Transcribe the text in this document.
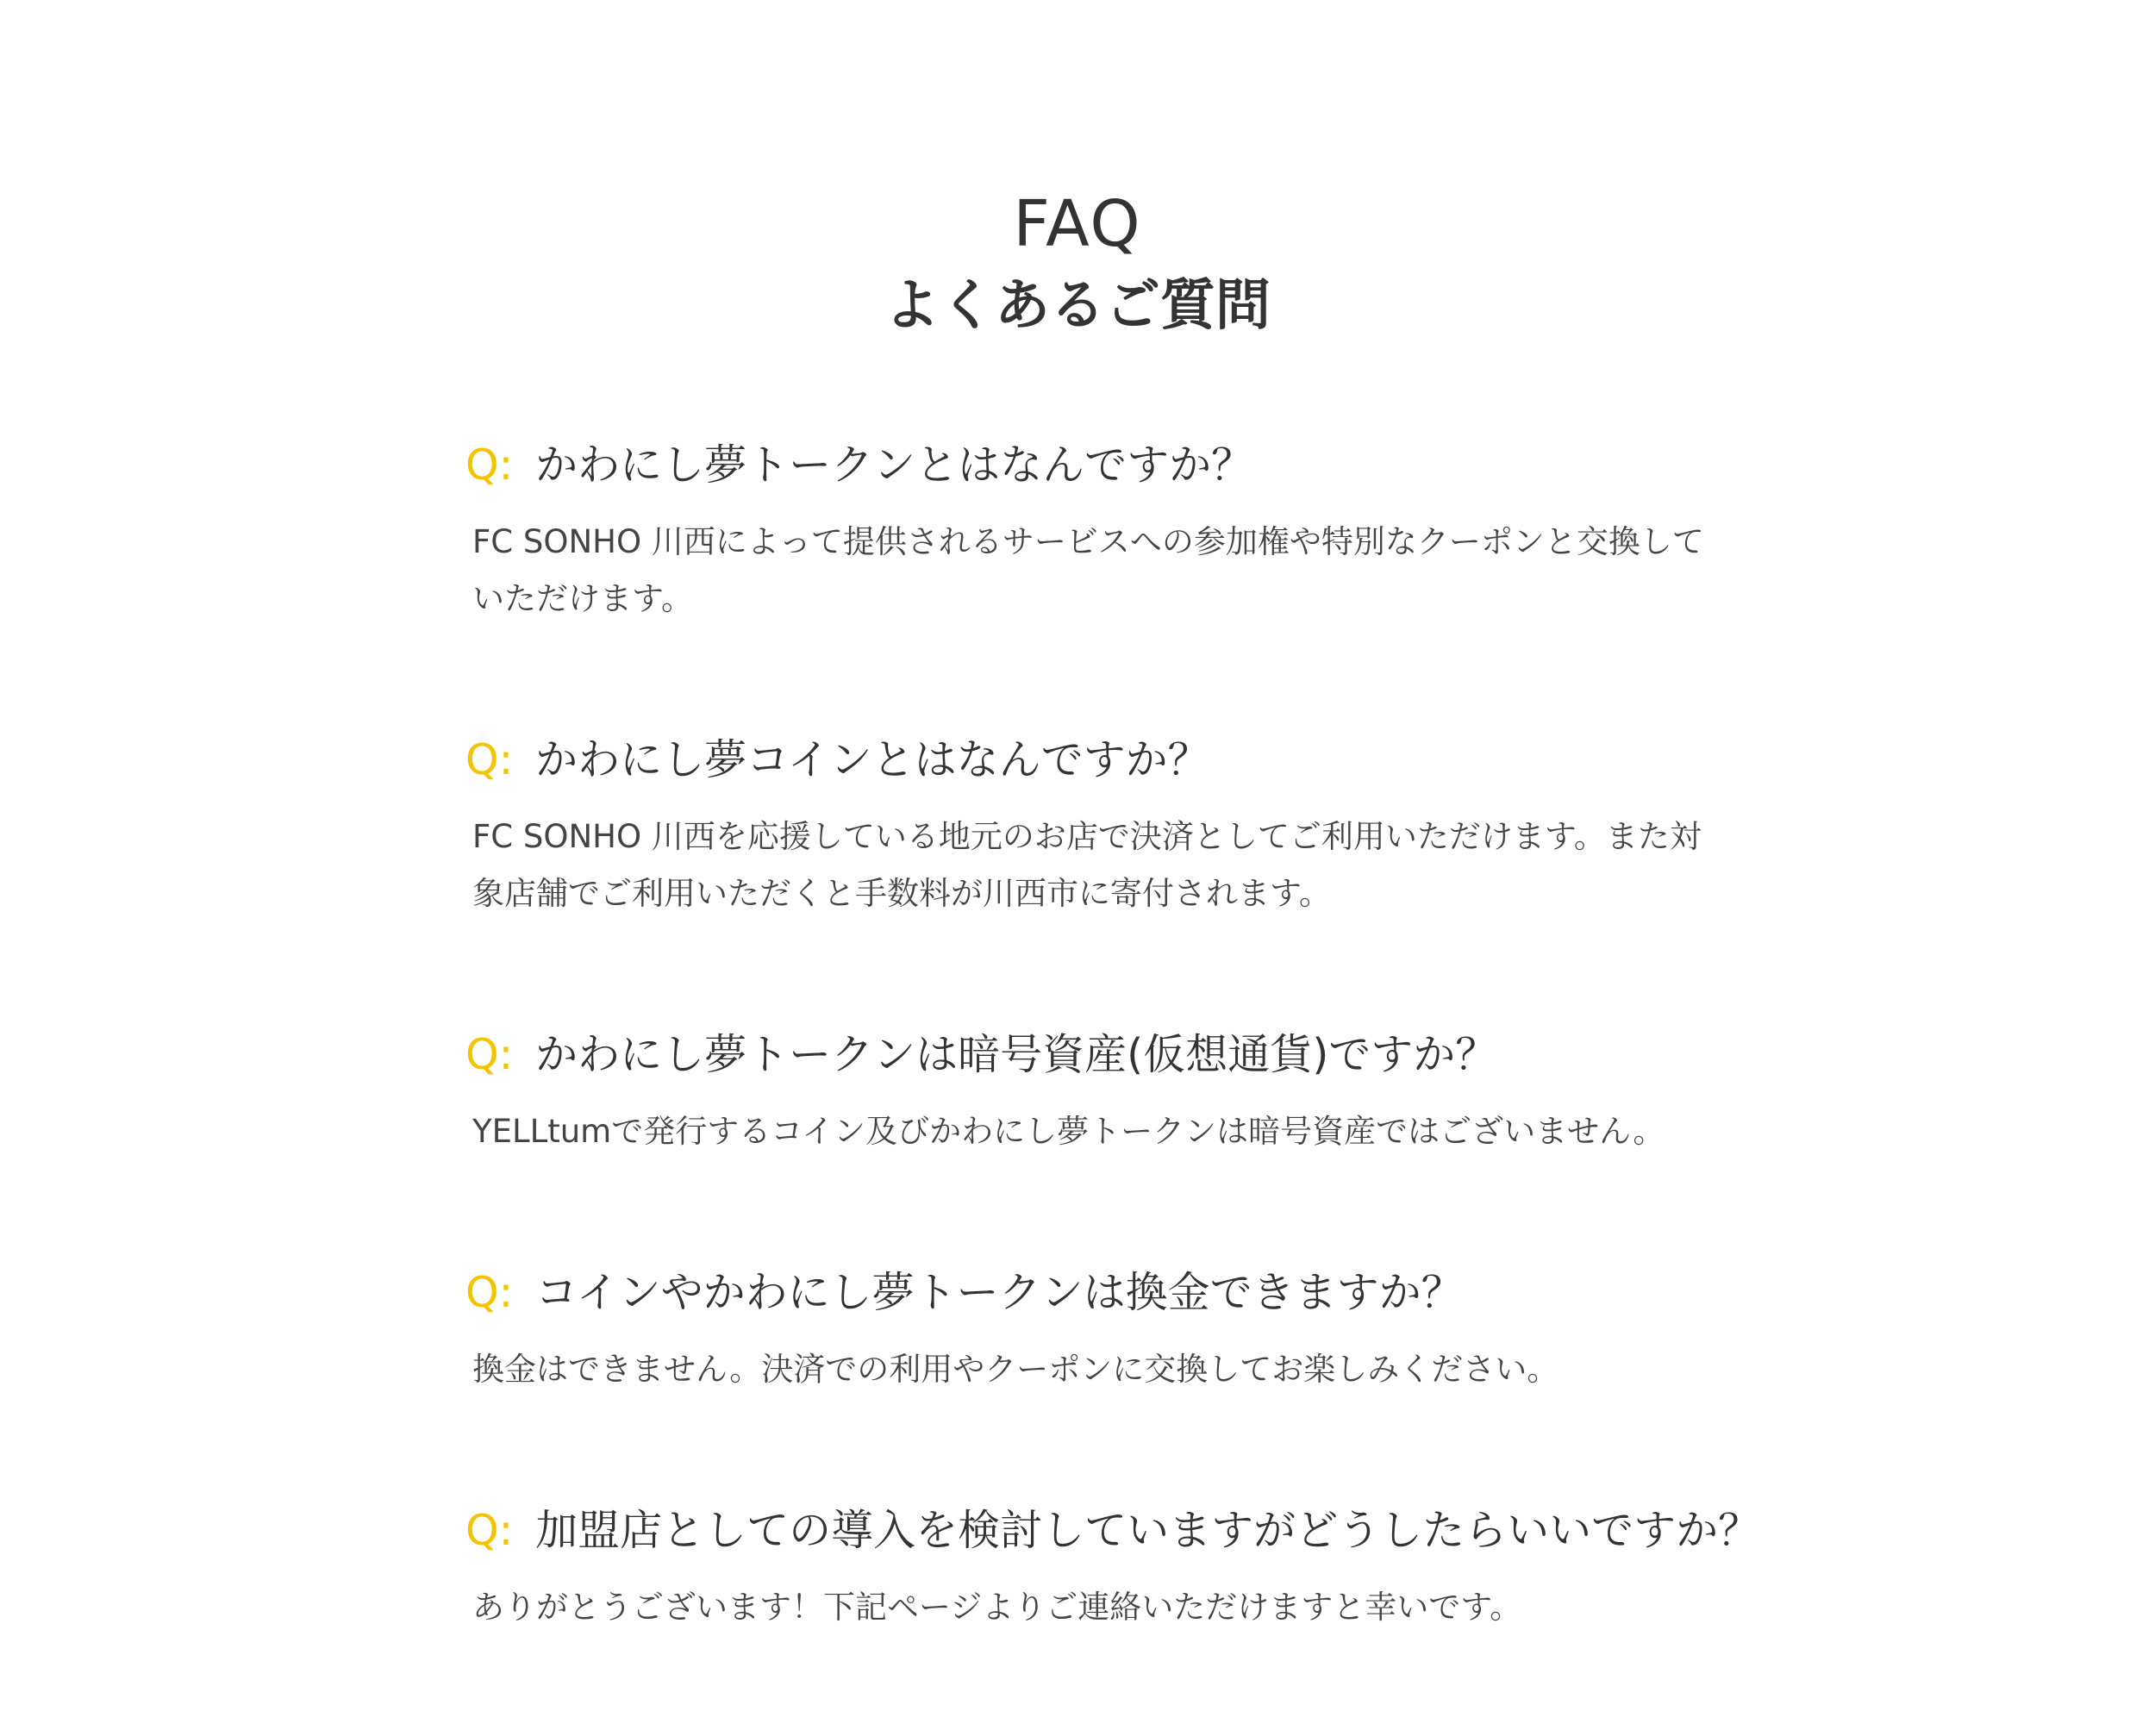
FAQ
よくあるご質問
Q: かわにし夢トークンとはなんですか？
FC SONHO 川西によって提供されるサービスへの参加権や特別なクーポンと交換していただけます。
Q: かわにし夢コインとはなんですか？
FC SONHO 川西を応援している地元のお店で決済としてご利用いただけます。また対象店舗でご利用いただくと手数料が川西市に寄付されます。
Q: かわにし夢トークンは暗号資産(仮想通貨)ですか？
YELLtumで発行するコイン及びかわにし夢トークンは暗号資産ではございません。
Q: コインやかわにし夢トークンは換金できますか？
換金はできません。決済での利用やクーポンに交換してお楽しみください。
Q: 加盟店としての導入を検討していますがどうしたらいいですか？
ありがとうございます！下記ページよりご連絡いただけますと幸いです。
